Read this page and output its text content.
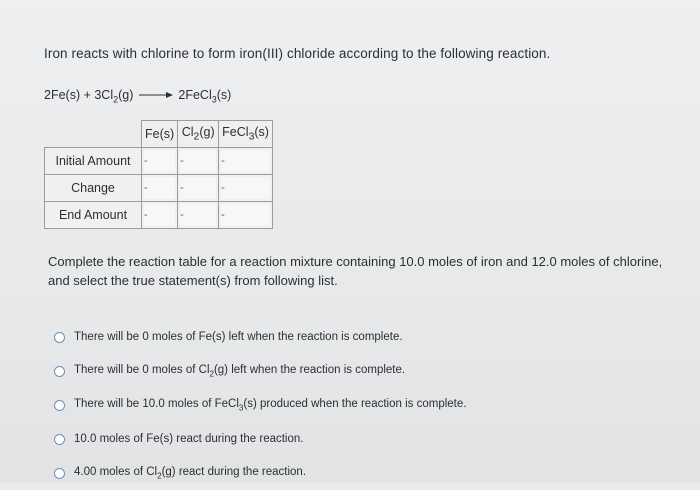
Iron reacts with chlorine to form iron(III) chloride according to the following reaction.
$2Fe(s) + 3Cl_2(g)$ → 2FeCl$_3$(s)
	Fe(s)	$Cl_2(g)$	FeCl$_3$(s)
Initial Amount	-	-	-

Change	-	-	-

End Amount	-	-	-
Complete the reaction table for a reaction mixture containing 10.0 moles of iron and 12.0 moles of chlorine, and select the true statement(s) from following list.
There will be 0 moles of Fe(s) left when the reaction is complete.
There will be 0 moles of $Cl_2(g)$ left when the reaction is complete.
There will be 10.0 moles of FeCl$_3$(s) produced when the reaction is complete.
10.0 moles of Fe(s) react during the reaction.
4.00 moles of $Cl_2(g)$ react during the reaction.
